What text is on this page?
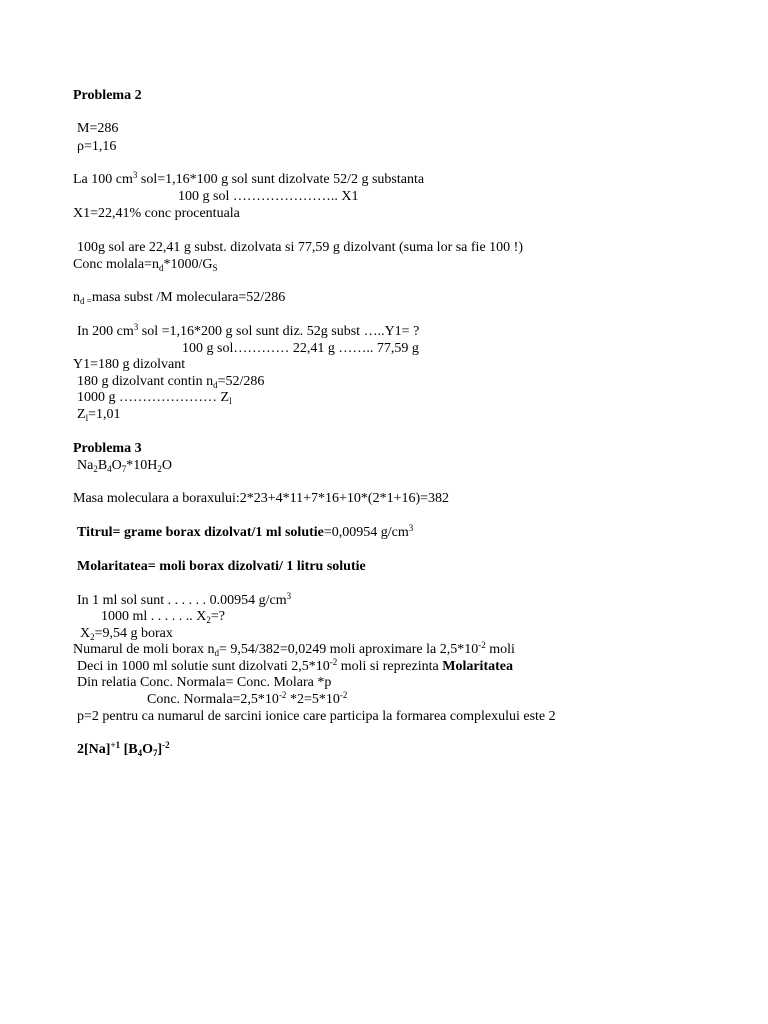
Problema 2
M=286
ρ=1,16
La 100 $cm^3$ sol=1,16*100 g sol sunt dizolvate 52/2 g substanta
100 g sol ………………….. X1
X1=22,41% conc procentuala
100g sol are 22,41 g subst. dizolvata si 77,59 g dizolvant (suma lor sa fie 100 !)
Conc $molala=n_d*1000/G_S$
$n_{d =}masa$ subst /M moleculara=52/286
In 200 $cm^3$ sol =1,16*200 g sol sunt diz. 52g subst …..Y1= ?
100 g sol………… 22,41 g …….. 77,59 g
Y1=180 g dizolvant
180 g dizolvant contin $n_d=52/286$
1000 g ………………… $Z_l$
$Z_l=1,01$
Problema 3
$Na_2B_4O_7*10H_2O$
Masa moleculara a boraxului:2*23+4*11+7*16+10*(2*1+16)=382
Titrul= grame borax dizolvat/1 ml solutie=0,00954 $g/cm^3$
Molaritatea= moli borax dizolvati/ 1 litru solutie
In 1 ml sol sunt . . . . . . 0.00954 $g/cm^3$
1000 ml . . . . . .. $X_2=$?
$X_2=9,54$ g borax
Numarul de moli borax $n_d= 9,54/382=0,0249$ moli aproximare la $2,5*10^{-2}$ moli
Deci in 1000 ml solutie sunt dizolvati $2,5*10^{-2}$ moli si reprezinta Molaritatea
Din relatia Conc. Normala= Conc. Molara *p
Conc. $Normala=2,5*10^{-2}$ $*2=5*10^{-2}$
p=2 pentru ca numarul de sarcini ionice care participa la formarea complexului este 2
$2[Na]^{+1}$ $[B_4O_7]^{-2}$
